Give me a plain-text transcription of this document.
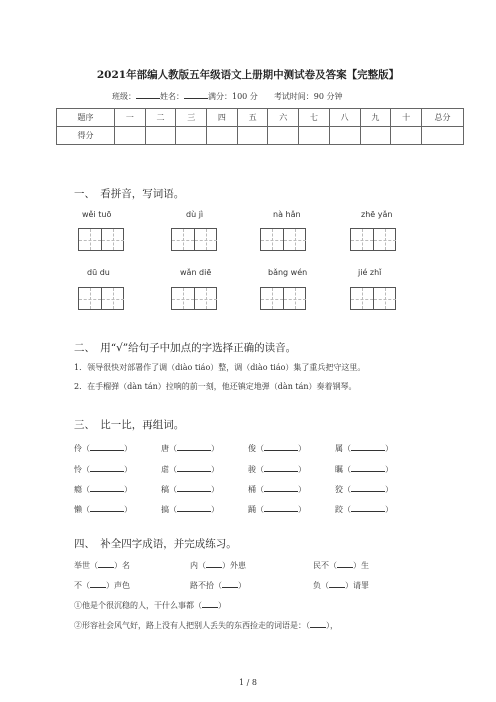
2021年部编人教版五年级语文上册期中测试卷及答案【完整版】
班级：	姓名：	满分：100 分　　 考试时间：90 分钟
题序	一	二	三	四	五	六	七	八	九	十	总分
得分											
一、　看拼音，写词语。
wěi tuō	dù jì	nà hǎn	zhē yǎn
dū du	wǎn diē	bǎng wén	jié zhǐ
二、　用“√”给句子中加点的字选择正确的读音。
1．领导很快对部署作了调（diào tiáo）整，调（diào tiáo）集了重兵把守这里。
2．在手榴弹（dàn tán）拉响的前一刻，他还镇定地弹（dàn tán）奏着钢琴。
三、　比一比，再组词。
伶（	）	唐（	）	俊（	）	属（	）
怜（	）	虐（	）	骏（	）	瞩（	）
瘾（	）	稿（	）	桶（	）	狡（	）
懒（	）	搞（	）	踊（	）	跤（	）
四、　补全四字成语，并完成练习。
举世（ ）名	内（ ）外患	民不（ ）生
不（ ）声色	路不拾（ ）	负（ ）请罪
①他是个很沉稳的人，干什么事都（ ）
②形容社会风气好，路上没有人把别人丢失的东西捡走的词语是：（ ），
1 / 8
